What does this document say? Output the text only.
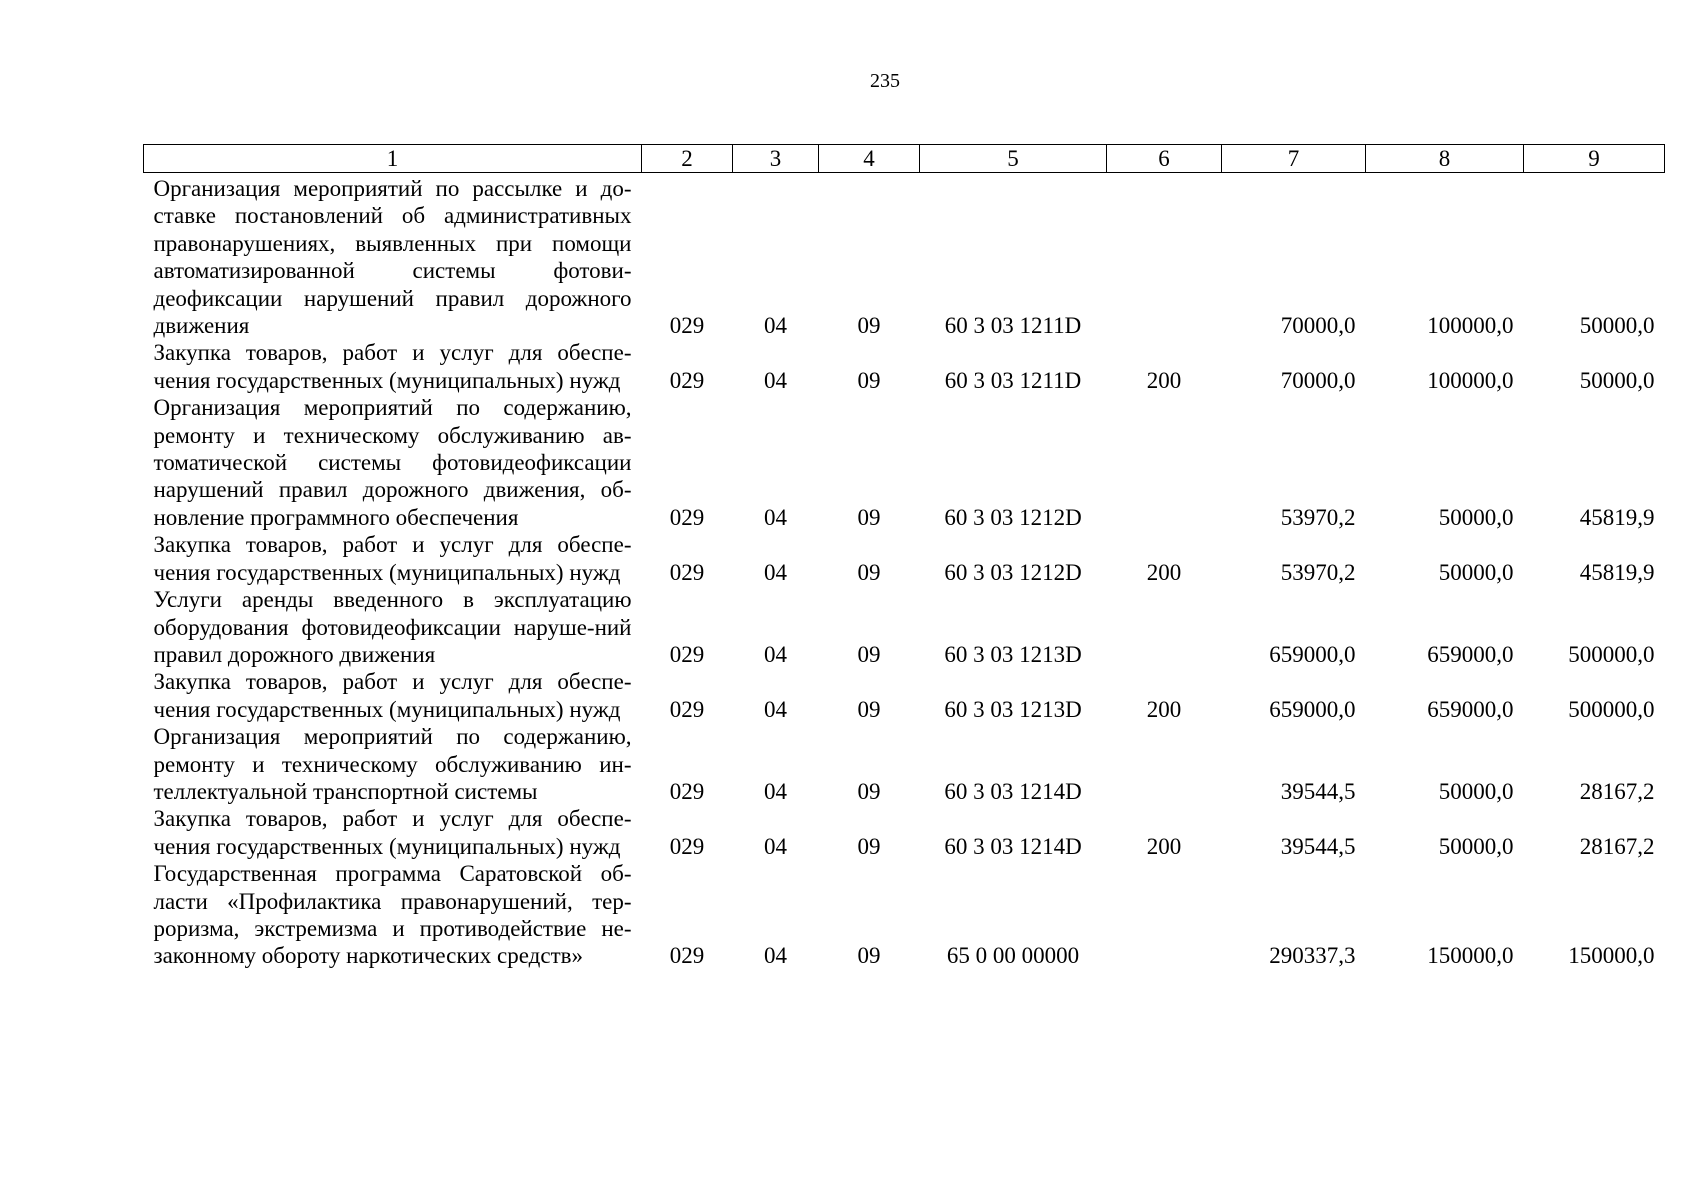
235
1	2	3	4	5	6	7	8	9
Организация мероприятий по рассылке и до-ставке постановлений об административных правонарушениях, выявленных при помощи автоматизированной системы фотови-деофиксации нарушений правил дорожного движения	029	04	09	60 3 03 1211D		70000,0	100000,0	50000,0
Закупка товаров, работ и услуг для обеспе-чения государственных (муниципальных) нужд	029	04	09	60 3 03 1211D	200	70000,0	100000,0	50000,0
Организация мероприятий по содержанию, ремонту и техническому обслуживанию ав-томатической системы фотовидеофиксации нарушений правил дорожного движения, об-новление программного обеспечения	029	04	09	60 3 03 1212D		53970,2	50000,0	45819,9
Закупка товаров, работ и услуг для обеспе-чения государственных (муниципальных) нужд	029	04	09	60 3 03 1212D	200	53970,2	50000,0	45819,9
Услуги аренды введенного в эксплуатацию оборудования фотовидеофиксации наруше-ний правил дорожного движения	029	04	09	60 3 03 1213D		659000,0	659000,0	500000,0
Закупка товаров, работ и услуг для обеспе-чения государственных (муниципальных) нужд	029	04	09	60 3 03 1213D	200	659000,0	659000,0	500000,0
Организация мероприятий по содержанию, ремонту и техническому обслуживанию ин-теллектуальной транспортной системы	029	04	09	60 3 03 1214D		39544,5	50000,0	28167,2
Закупка товаров, работ и услуг для обеспе-чения государственных (муниципальных) нужд	029	04	09	60 3 03 1214D	200	39544,5	50000,0	28167,2
Государственная программа Саратовской об-ласти «Профилактика правонарушений, тер-роризма, экстремизма и противодействие не-законному обороту наркотических средств»	029	04	09	65 0 00 00000		290337,3	150000,0	150000,0
